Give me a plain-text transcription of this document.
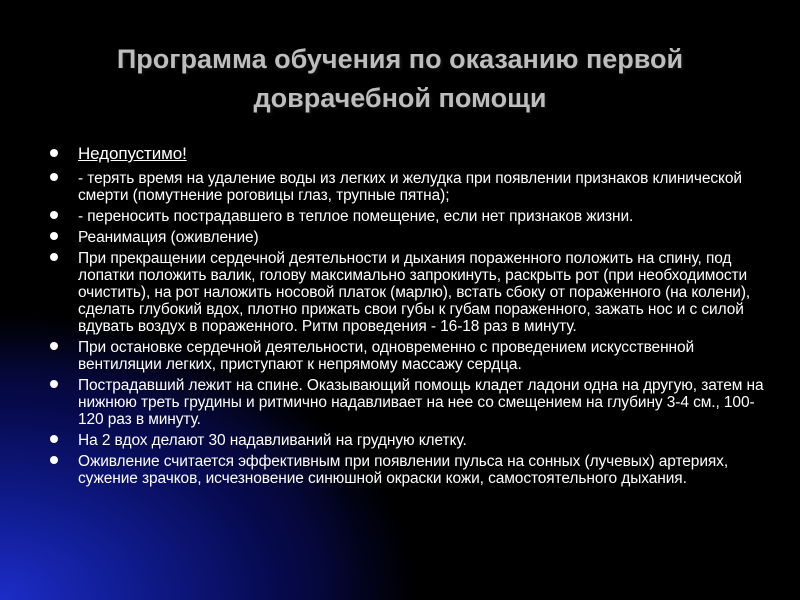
Программа обучения по оказанию первой доврачебной помощи
Недопустимо!
- терять время на удаление воды из легких и желудка при появлении признаков клинической смерти (помутнение роговицы глаз, трупные пятна);
- переносить пострадавшего в теплое помещение, если нет признаков жизни.
Реанимация (оживление)
При прекращении сердечной деятельности и дыхания пораженного положить на спину, под лопатки положить валик, голову максимально запрокинуть, раскрыть рот (при необходимости очистить), на рот наложить носовой платок (марлю), встать сбоку от пораженного (на колени), сделать глубокий вдох, плотно прижать свои губы к губам пораженного, зажать нос и с силой вдувать воздух в пораженного. Ритм проведения - 16-18 раз в минуту.
При остановке сердечной деятельности, одновременно с проведением искусственной вентиляции легких, приступают к непрямому массажу сердца.
Пострадавший лежит на спине. Оказывающий помощь кладет ладони одна на другую, затем на нижнюю треть грудины и ритмично надавливает на нее со смещением на глубину 3-4 см., 100-120 раз в минуту.
На 2 вдох делают 30 надавливаний на грудную клетку.
Оживление считается эффективным при появлении пульса на сонных (лучевых) артериях, сужение зрачков, исчезновение синюшной окраски кожи, самостоятельного дыхания.
